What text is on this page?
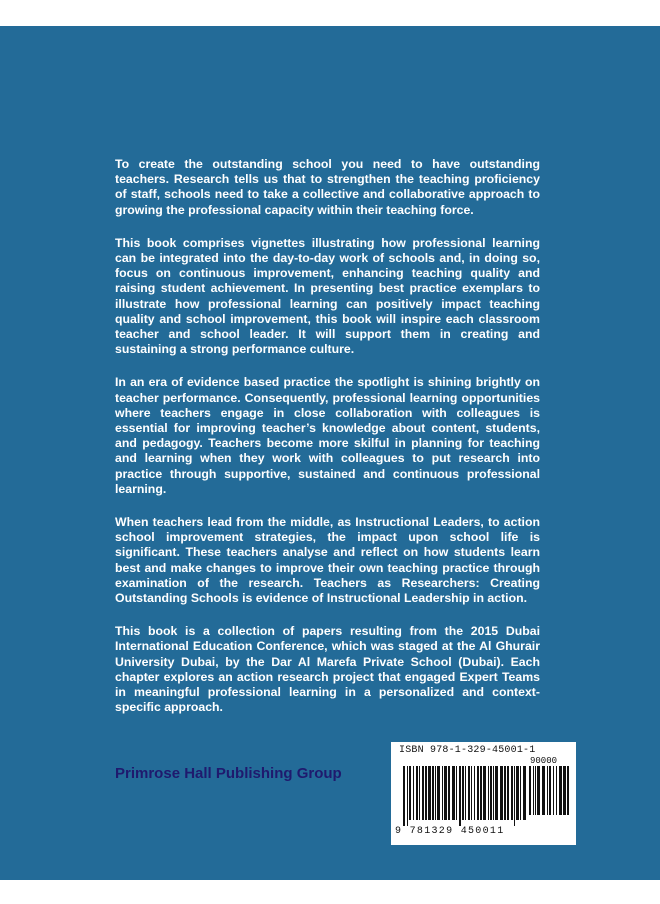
To create the outstanding school you need to have outstanding teachers. Research tells us that to strengthen the teaching proficiency of staff, schools need to take a collective and collaborative approach to growing the professional capacity within their teaching force.

This book comprises vignettes illustrating how professional learning can be integrated into the day-to-day work of schools and, in doing so, focus on continuous improvement, enhancing teaching quality and raising student achievement. In presenting best practice exemplars to illustrate how professional learning can positively impact teaching quality and school improvement, this book will inspire each classroom teacher and school leader. It will support them in creating and sustaining a strong performance culture.

In an era of evidence based practice the spotlight is shining brightly on teacher performance. Consequently, professional learning opportunities where teachers engage in close collaboration with colleagues is essential for improving teacher’s knowledge about content, students, and pedagogy. Teachers become more skilful in planning for teaching and learning when they work with colleagues to put research into practice through supportive, sustained and continuous professional learning.

When teachers lead from the middle, as Instructional Leaders, to action school improvement strategies, the impact upon school life is significant. These teachers analyse and reflect on how students learn best and make changes to improve their own teaching practice through examination of the research. Teachers as Researchers: Creating Outstanding Schools is evidence of Instructional Leadership in action.

This book is a collection of papers resulting from the 2015 Dubai International Education Conference, which was staged at the Al Ghurair University Dubai, by the Dar Al Marefa Private School (Dubai). Each chapter explores an action research project that engaged Expert Teams in meaningful professional learning in a personalized and context-specific approach.

Primrose Hall Publishing Group
ISBN 978-1-329-45001-1
90000
9 781329 450011
